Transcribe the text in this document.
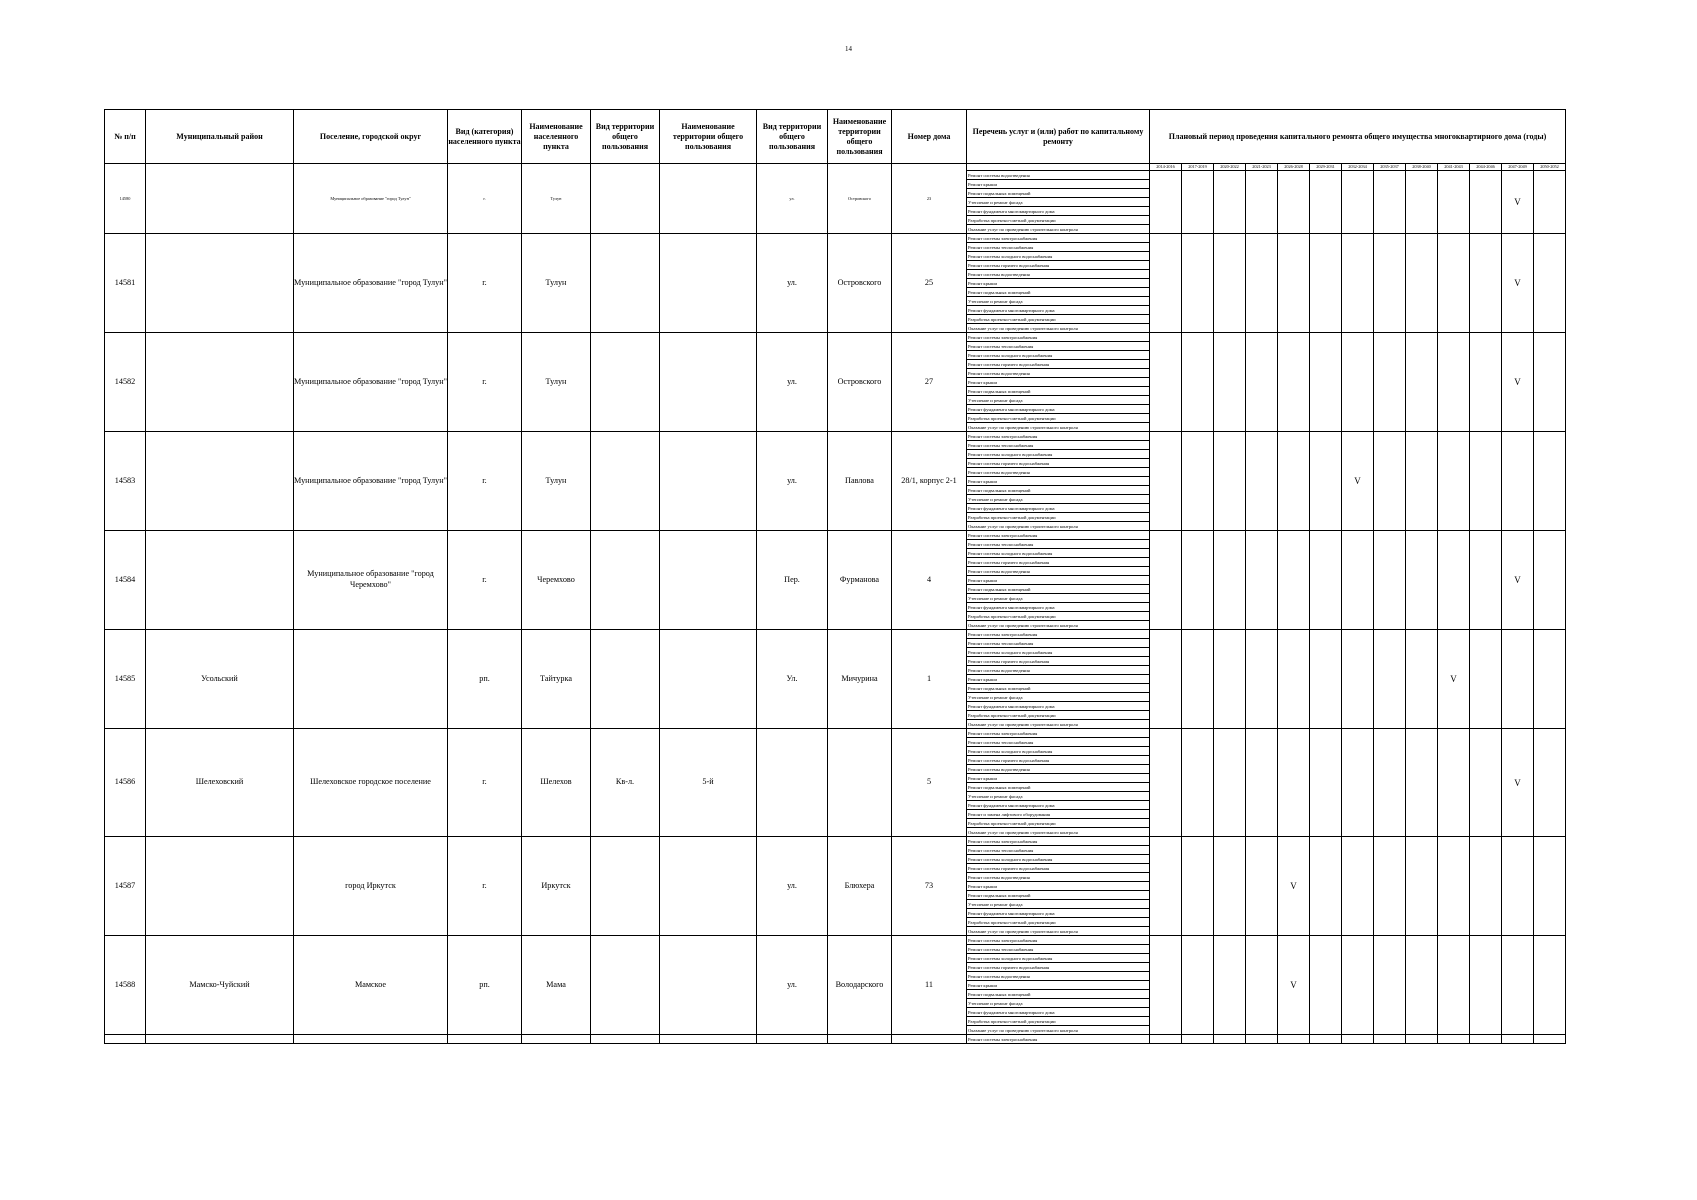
14
№ п/п	Муниципальный район	Поселение, городской округ	Вид (категория) населенного пункта	Наименование населенного пункта	Вид территории общего пользования	Наименование территории общего пользования	Вид территории общего пользования	Наименование территории общего пользования	Номер дома	Перечень услуг и (или) работ по капитальному ремонту	Плановый период проведения капитального ремонта общего имущества многоквартирного дома (годы)												
14580		Муниципальное образование "город Тулун"	г.	Тулун			ул.	Островского	23		2014-2016	2017-2019	2020-2022	2021-2023	2026-2028	2029-2031	2032-2034	2035-2037	2038-2040	2041-2043	2044-2046	2047-2049	2050-2052
										Ремонт системы водоотведения												V	
										Ремонт крыши													
										Ремонт подвальных помещений													
										Утепление и ремонт фасада													
										Ремонт фундамента многоквартирного дома													
										Разработка проектно-сметной документации													
										Оказание услуг по проведению строительного контроля													
14581		Муниципальное образование "город Тулун"	г.	Тулун			ул.	Островского	25	Ремонт системы электроснабжения												V	
										Ремонт системы теплоснабжения													
										Ремонт системы холодного водоснабжения													
										Ремонт системы горячего водоснабжения													
										Ремонт системы водоотведения													
										Ремонт крыши													
										Ремонт подвальных помещений													
										Утепление и ремонт фасада													
										Ремонт фундамента многоквартирного дома													
										Разработка проектно-сметной документации													
										Оказание услуг по проведению строительного контроля													
14582		Муниципальное образование "город Тулун"	г.	Тулун			ул.	Островского	27	Ремонт системы электроснабжения												V	
										Ремонт системы теплоснабжения													
										Ремонт системы холодного водоснабжения													
										Ремонт системы горячего водоснабжения													
										Ремонт системы водоотведения													
										Ремонт крыши													
										Ремонт подвальных помещений													
										Утепление и ремонт фасада													
										Ремонт фундамента многоквартирного дома													
										Разработка проектно-сметной документации													
										Оказание услуг по проведению строительного контроля													
14583		Муниципальное образование "город Тулун"	г.	Тулун			ул.	Павлова	28/1, корпус 2-1	Ремонт системы электроснабжения							V						
										Ремонт системы теплоснабжения													
										Ремонт системы холодного водоснабжения													
										Ремонт системы горячего водоснабжения													
										Ремонт системы водоотведения													
										Ремонт крыши													
										Ремонт подвальных помещений													
										Утепление и ремонт фасада													
										Ремонт фундамента многоквартирного дома													
										Разработка проектно-сметной документации													
										Оказание услуг по проведению строительного контроля													
14584		Муниципальное образование "город Черемхово"	г.	Черемхово			Пер.	Фурманова	4	Ремонт системы электроснабжения												V	
										Ремонт системы теплоснабжения													
										Ремонт системы холодного водоснабжения													
										Ремонт системы горячего водоснабжения													
										Ремонт системы водоотведения													
										Ремонт крыши													
										Ремонт подвальных помещений													
										Утепление и ремонт фасада													
										Ремонт фундамента многоквартирного дома													
										Разработка проектно-сметной документации													
										Оказание услуг по проведению строительного контроля													
14585	Усольский		рп.	Тайтурка			Ул.	Мичурина	1	Ремонт системы электроснабжения										V			
										Ремонт системы теплоснабжения													
										Ремонт системы холодного водоснабжения													
										Ремонт системы горячего водоснабжения													
										Ремонт системы водоотведения													
										Ремонт крыши													
										Ремонт подвальных помещений													
										Утепление и ремонт фасада													
										Ремонт фундамента многоквартирного дома													
										Разработка проектно-сметной документации													
										Оказание услуг по проведению строительного контроля													
14586	Шелеховский	Шелеховское городское поселение	г.	Шелехов	Кв-л.	5-й			5	Ремонт системы электроснабжения												V	
										Ремонт системы теплоснабжения													
										Ремонт системы холодного водоснабжения													
										Ремонт системы горячего водоснабжения													
										Ремонт системы водоотведения													
										Ремонт крыши													
										Ремонт подвальных помещений													
										Утепление и ремонт фасада													
										Ремонт фундамента многоквартирного дома													
										Ремонт и замена лифтового оборудования													
										Разработка проектно-сметной документации													
										Оказание услуг по проведению строительного контроля													
14587		город Иркутск	г.	Иркутск			ул.	Блюхера	73	Ремонт системы электроснабжения					V								
										Ремонт системы теплоснабжения													
										Ремонт системы холодного водоснабжения													
										Ремонт системы горячего водоснабжения													
										Ремонт системы водоотведения													
										Ремонт крыши													
										Ремонт подвальных помещений													
										Утепление и ремонт фасада													
										Ремонт фундамента многоквартирного дома													
										Разработка проектно-сметной документации													
										Оказание услуг по проведению строительного контроля													
14588	Мамско-Чуйский	Мамское	рп.	Мама			ул.	Володарского	11	Ремонт системы электроснабжения					V								
										Ремонт системы теплоснабжения													
										Ремонт системы холодного водоснабжения													
										Ремонт системы горячего водоснабжения													
										Ремонт системы водоотведения													
										Ремонт крыши													
										Ремонт подвальных помещений													
										Утепление и ремонт фасада													
										Ремонт фундамента многоквартирного дома													
										Разработка проектно-сметной документации													
										Оказание услуг по проведению строительного контроля													
										Ремонт системы электроснабжения													
